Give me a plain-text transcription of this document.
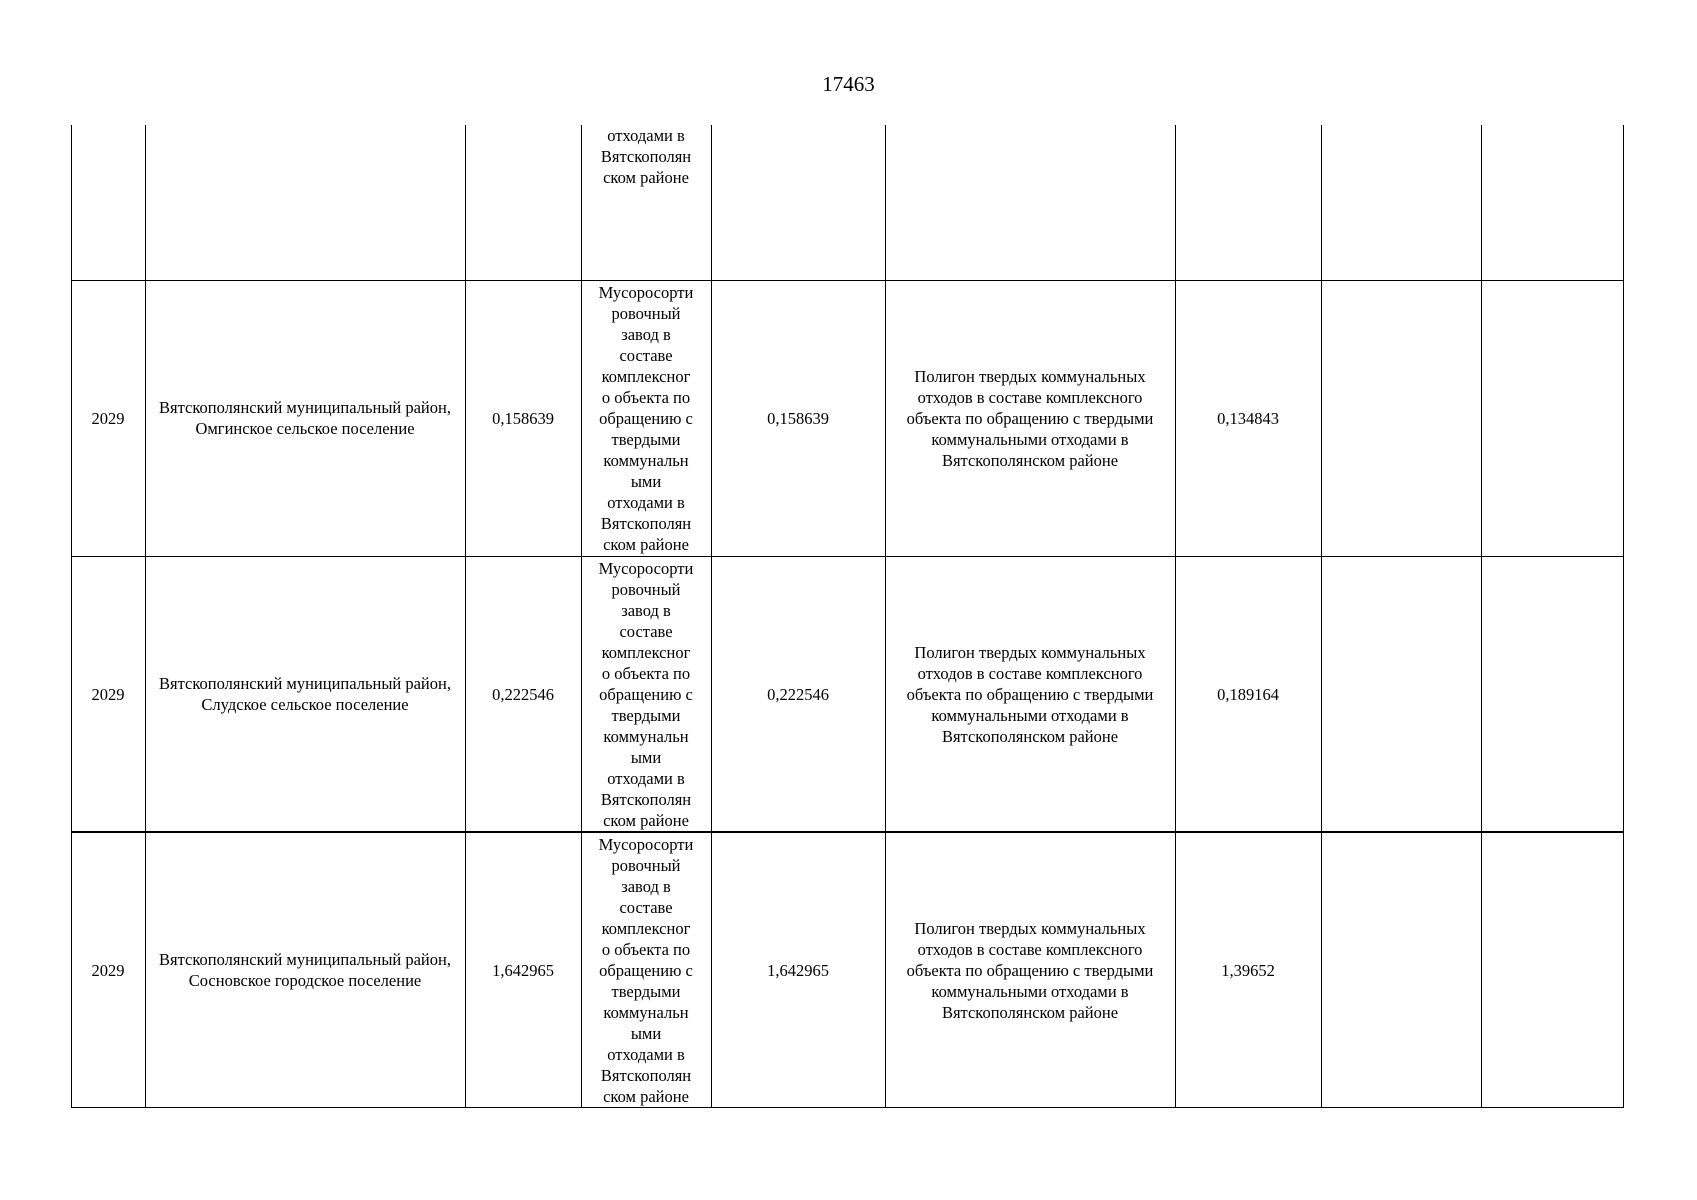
17463
отходами в
Вятскополян
ском районе
2029
Вятскополянский муниципальный район, Омгинское сельское поселение
0,158639
Мусоросорти
ровочный
завод в
составе
комплексног
о объекта по
обращению с
твердыми
коммунальн
ыми
отходами в
Вятскополян
ском районе
0,158639
Полигон твердых коммунальных отходов в составе комплексного объекта по обращению с твердыми коммунальными отходами в Вятскополянском районе
0,134843
2029
Вятскополянский муниципальный район, Слудское сельское поселение
0,222546
Мусоросорти
ровочный
завод в
составе
комплексног
о объекта по
обращению с
твердыми
коммунальн
ыми
отходами в
Вятскополян
ском районе
0,222546
Полигон твердых коммунальных отходов в составе комплексного объекта по обращению с твердыми коммунальными отходами в Вятскополянском районе
0,189164
2029
Вятскополянский муниципальный район, Сосновское городское поселение
1,642965
Мусоросорти
ровочный
завод в
составе
комплексног
о объекта по
обращению с
твердыми
коммунальн
ыми
отходами в
Вятскополян
ском районе
1,642965
Полигон твердых коммунальных отходов в составе комплексного объекта по обращению с твердыми коммунальными отходами в Вятскополянском районе
1,39652
